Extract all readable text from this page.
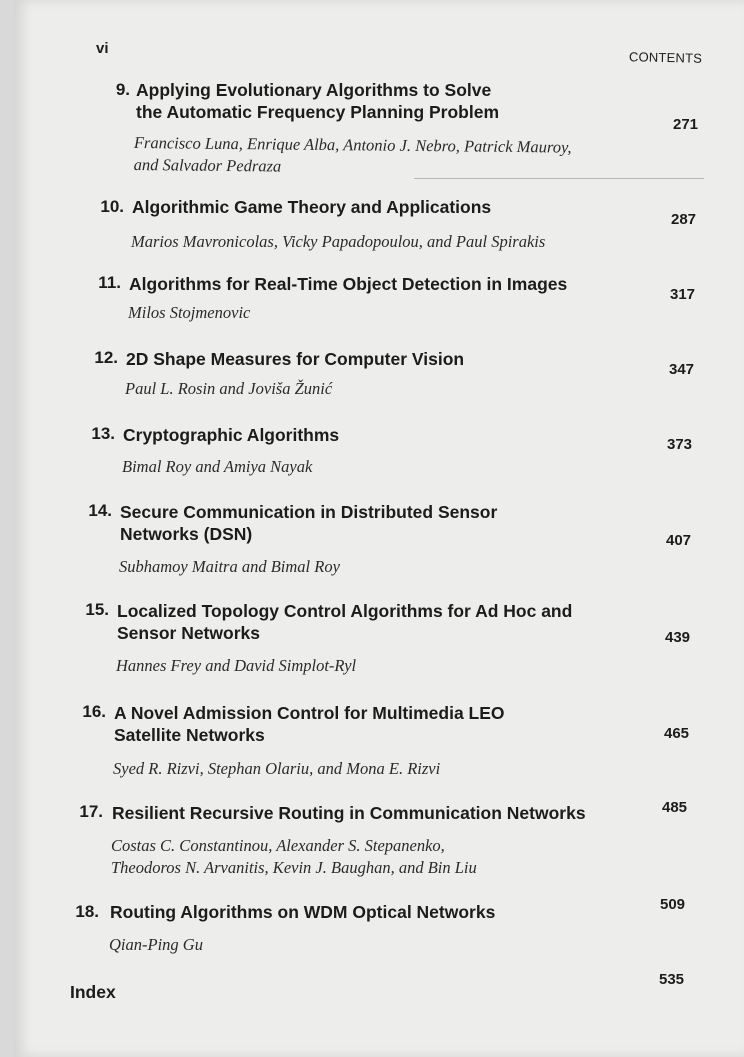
vi
CONTENTS
9. Applying Evolutionary Algorithms to Solve
the Automatic Frequency Planning Problem
Francisco Luna, Enrique Alba, Antonio J. Nebro, Patrick Mauroy,
and Salvador Pedraza
271
10. Algorithmic Game Theory and Applications
Marios Mavronicolas, Vicky Papadopoulou, and Paul Spirakis
287
11. Algorithms for Real-Time Object Detection in Images
Milos Stojmenovic
317
12. 2D Shape Measures for Computer Vision
Paul L. Rosin and Joviša Žunić
347
13. Cryptographic Algorithms
Bimal Roy and Amiya Nayak
373
14. Secure Communication in Distributed Sensor
Networks (DSN)
Subhamoy Maitra and Bimal Roy
407
15. Localized Topology Control Algorithms for Ad Hoc and
Sensor Networks
Hannes Frey and David Simplot-Ryl
439
16. A Novel Admission Control for Multimedia LEO
Satellite Networks
Syed R. Rizvi, Stephan Olariu, and Mona E. Rizvi
465
17. Resilient Recursive Routing in Communication Networks
Costas C. Constantinou, Alexander S. Stepanenko,
Theodoros N. Arvanitis, Kevin J. Baughan, and Bin Liu
485
18. Routing Algorithms on WDM Optical Networks
Qian-Ping Gu
509
Index
535
